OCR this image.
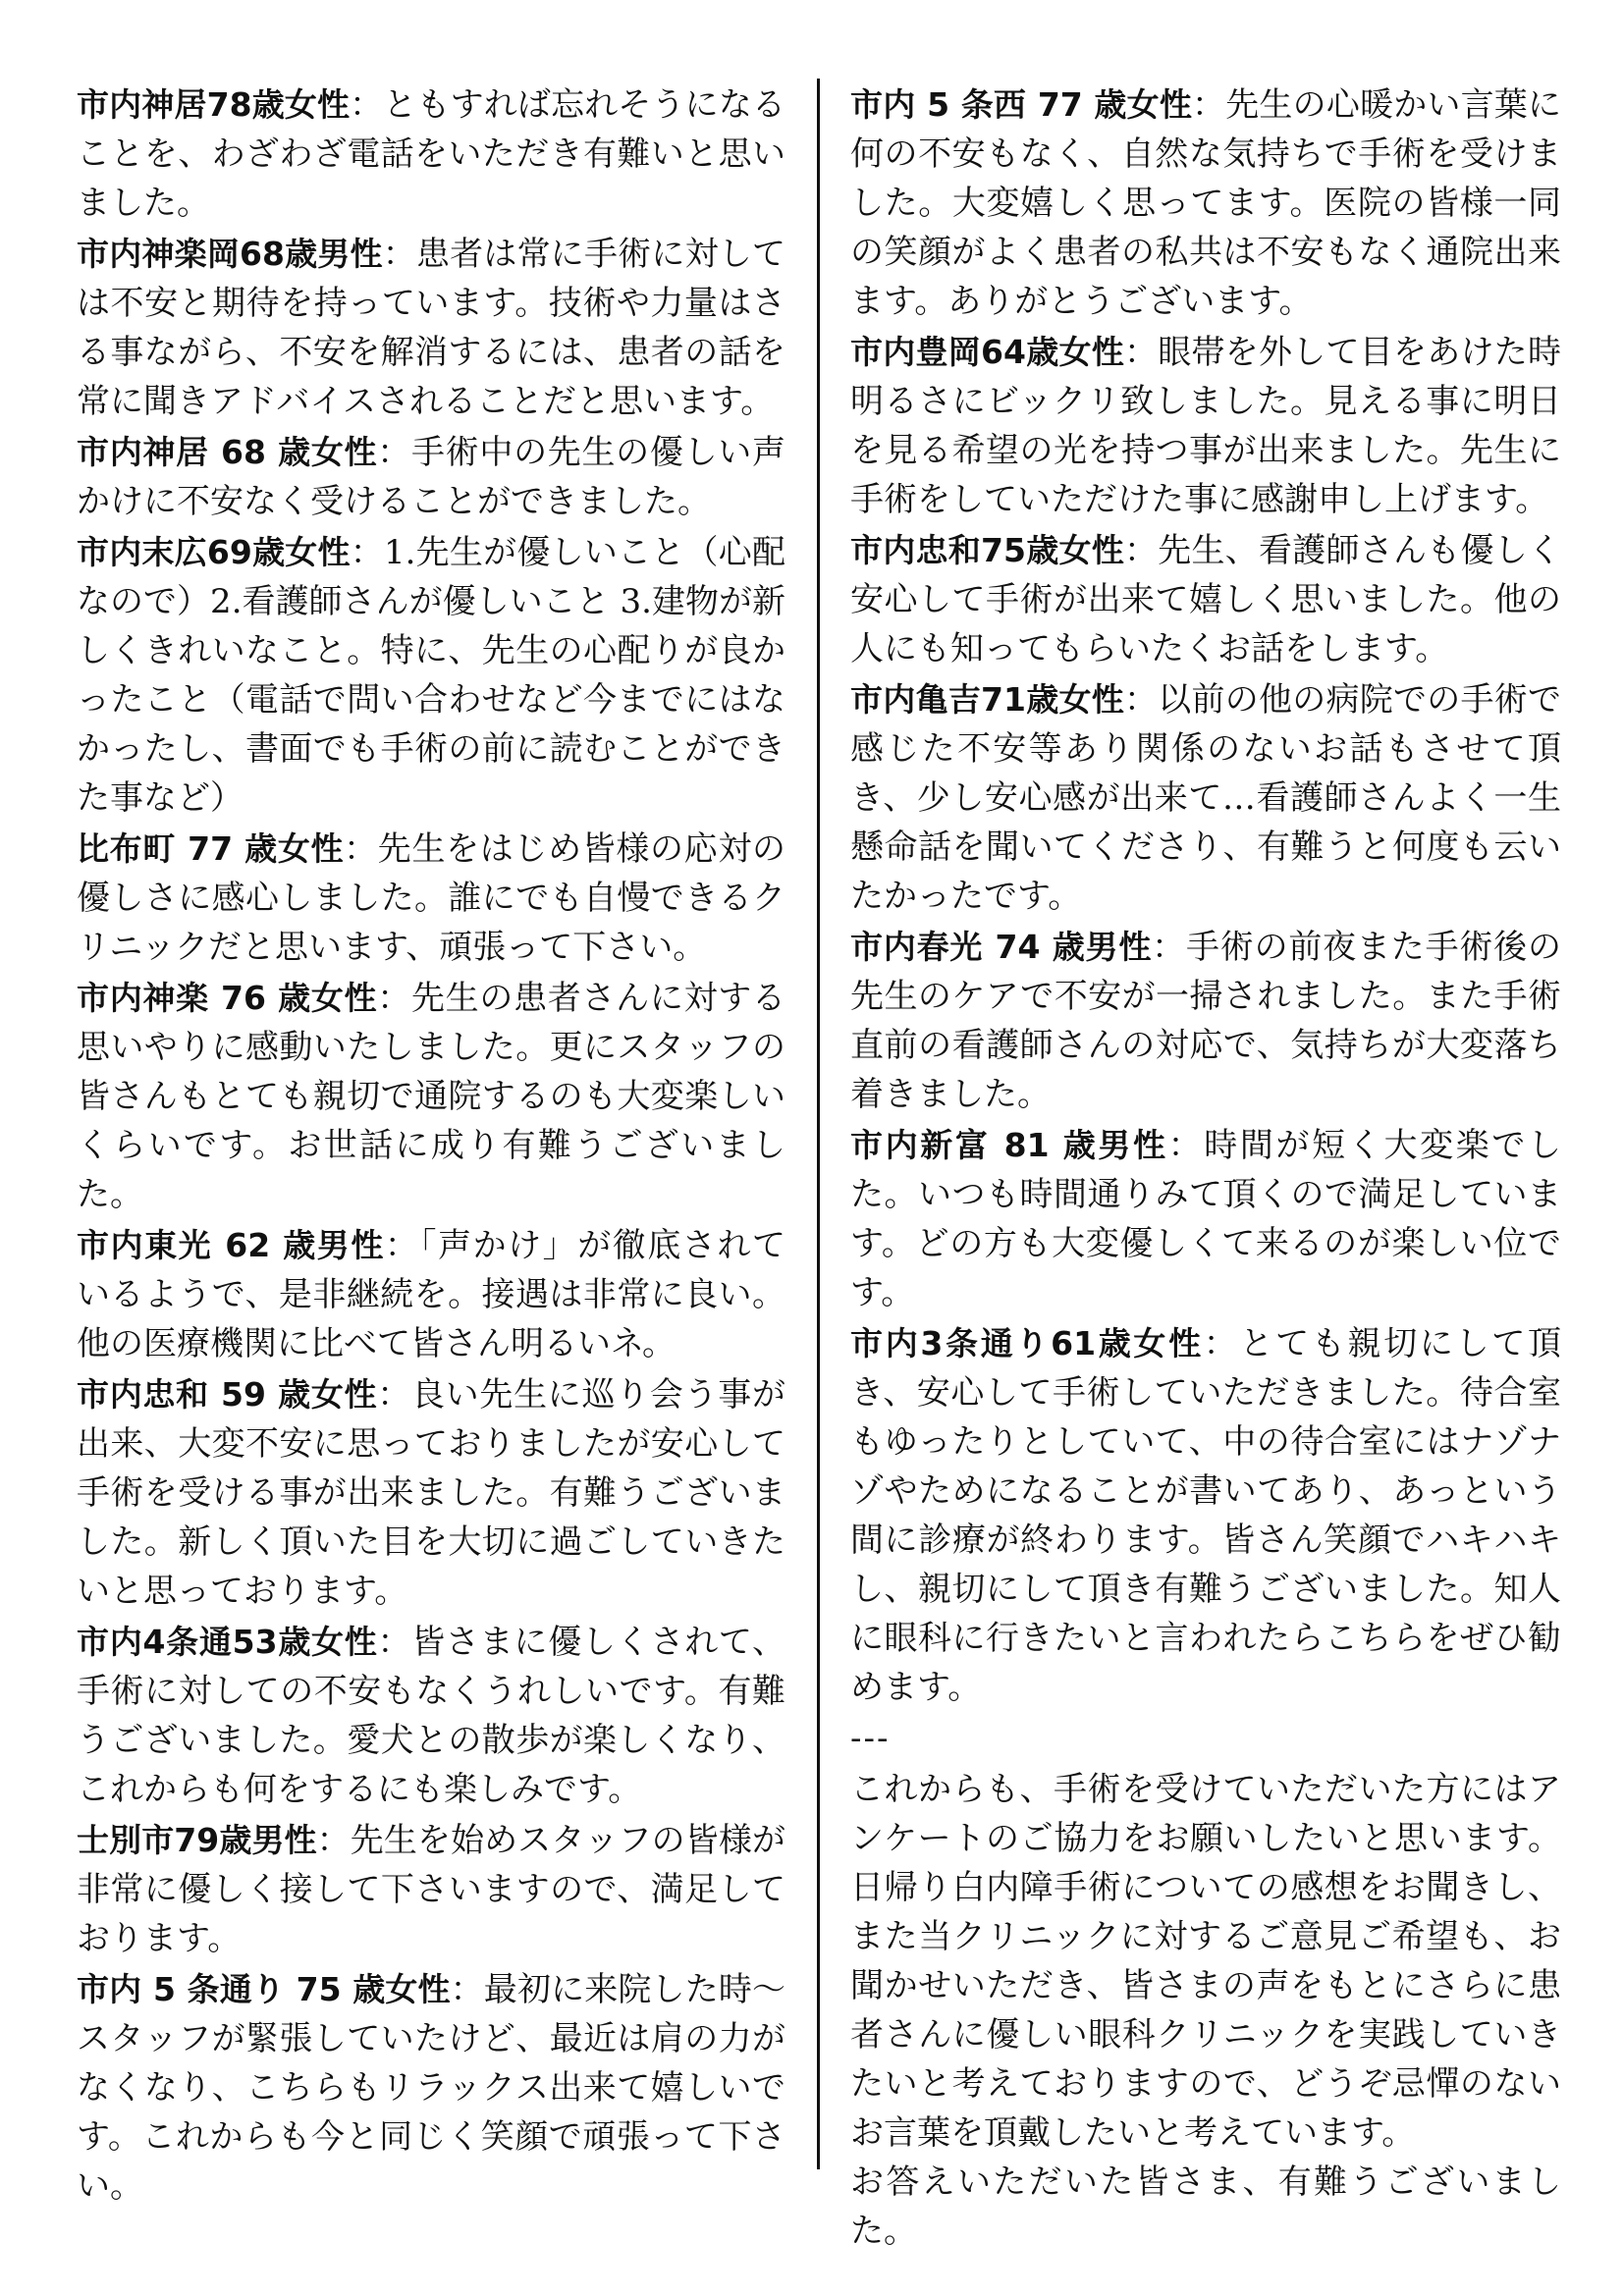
市内神居78歳女性：ともすれば忘れそうになることを、わざわざ電話をいただき有難いと思いました。

市内神楽岡68歳男性：患者は常に手術に対しては不安と期待を持っています。技術や力量はさる事ながら、不安を解消するには、患者の話を常に聞きアドバイスされることだと思います。

市内神居 68 歳女性：手術中の先生の優しい声かけに不安なく受けることができました。

市内末広69歳女性：1.先生が優しいこと（心配なので）2.看護師さんが優しいこと 3.建物が新しくきれいなこと。特に、先生の心配りが良かったこと（電話で問い合わせなど今までにはなかったし、書面でも手術の前に読むことができた事など）

比布町 77 歳女性：先生をはじめ皆様の応対の優しさに感心しました。誰にでも自慢できるクリニックだと思います、頑張って下さい。

市内神楽 76 歳女性：先生の患者さんに対する思いやりに感動いたしました。更にスタッフの皆さんもとても親切で通院するのも大変楽しいくらいです。お世話に成り有難うございました。

市内東光 62 歳男性：「声かけ」が徹底されているようで、是非継続を。接遇は非常に良い。他の医療機関に比べて皆さん明るいネ。

市内忠和 59 歳女性：良い先生に巡り会う事が出来、大変不安に思っておりましたが安心して手術を受ける事が出来ました。有難うございました。新しく頂いた目を大切に過ごしていきたいと思っております。

市内4条通53歳女性：皆さまに優しくされて、手術に対しての不安もなくうれしいです。有難うございました。愛犬との散歩が楽しくなり、これからも何をするにも楽しみです。

士別市79歳男性：先生を始めスタッフの皆様が非常に優しく接して下さいますので、満足しております。

市内 5 条通り 75 歳女性：最初に来院した時～スタッフが緊張していたけど、最近は肩の力がなくなり、こちらもリラックス出来て嬉しいです。これからも今と同じく笑顔で頑張って下さい。

市内 5 条西 77 歳女性：先生の心暖かい言葉に何の不安もなく、自然な気持ちで手術を受けました。大変嬉しく思ってます。医院の皆様一同の笑顔がよく患者の私共は不安もなく通院出来ます。ありがとうございます。

市内豊岡64歳女性：眼帯を外して目をあけた時明るさにビックリ致しました。見える事に明日を見る希望の光を持つ事が出来ました。先生に手術をしていただけた事に感謝申し上げます。

市内忠和75歳女性：先生、看護師さんも優しく安心して手術が出来て嬉しく思いました。他の人にも知ってもらいたくお話をします。

市内亀吉71歳女性：以前の他の病院での手術で感じた不安等あり関係のないお話もさせて頂き、少し安心感が出来て…看護師さんよく一生懸命話を聞いてくださり、有難うと何度も云いたかったです。

市内春光 74 歳男性：手術の前夜また手術後の先生のケアで不安が一掃されました。また手術直前の看護師さんの対応で、気持ちが大変落ち着きました。

市内新富 81 歳男性：時間が短く大変楽でした。いつも時間通りみて頂くので満足しています。どの方も大変優しくて来るのが楽しい位です。

市内3条通り61歳女性：とても親切にして頂き、安心して手術していただきました。待合室もゆったりとしていて、中の待合室にはナゾナゾやためになることが書いてあり、あっという間に診療が終わります。皆さん笑顔でハキハキし、親切にして頂き有難うございました。知人に眼科に行きたいと言われたらこちらをぜひ勧めます。

---

これからも、手術を受けていただいた方にはアンケートのご協力をお願いしたいと思います。日帰り白内障手術についての感想をお聞きし、また当クリニックに対するご意見ご希望も、お聞かせいただき、皆さまの声をもとにさらに患者さんに優しい眼科クリニックを実践していきたいと考えておりますので、どうぞ忌憚のないお言葉を頂戴したいと考えています。

お答えいただいた皆さま、有難うございました。
